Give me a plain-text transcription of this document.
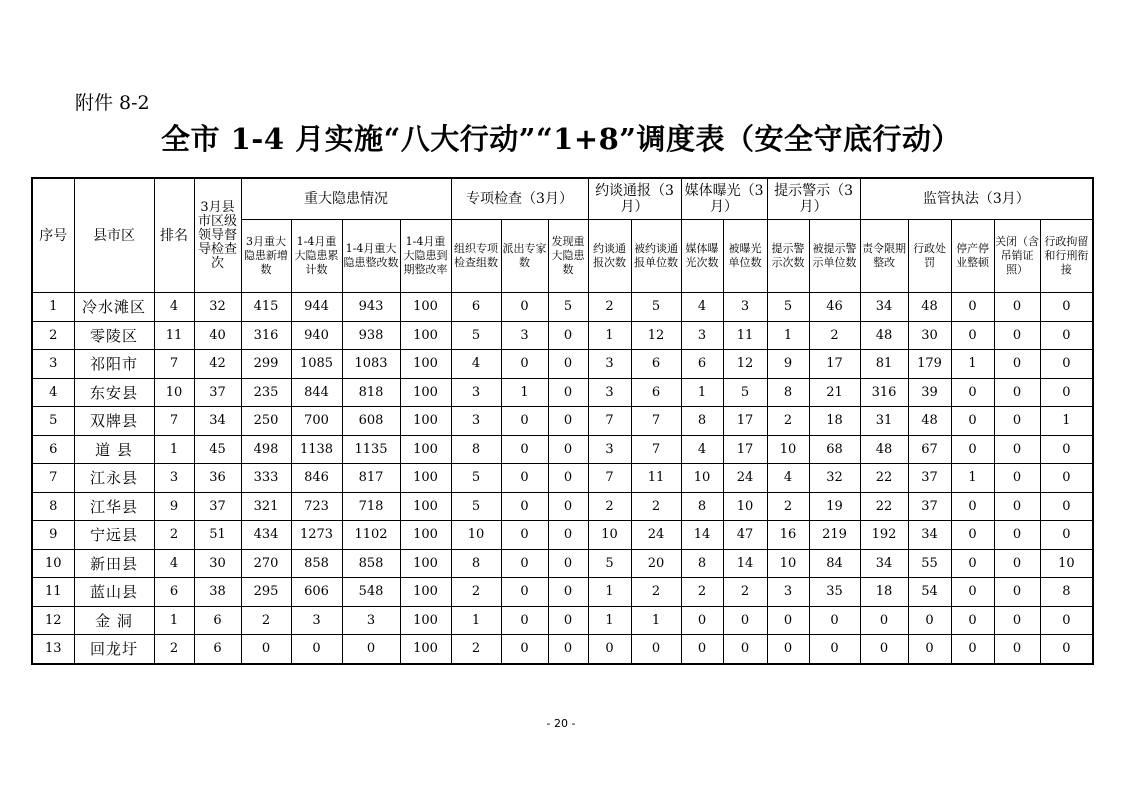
附件 8-2
全市 1-4 月实施“八大行动”“1+8”调度表（安全守底行动）
序号	县市区	排名	3月县市区级领导督导检查次	重大隐患情况				专项检查（3月）			约谈通报（3月）		媒体曝光（3月）		提示警示（3月）		监管执法（3月）				
				3月重大隐患新增数	1-4月重大隐患累计数	1-4月重大隐患整改数	1-4月重大隐患到期整改率	组织专项检查组数	派出专家数	发现重大隐患数	约谈通报次数	被约谈通报单位数	媒体曝光次数	被曝光单位数	提示警示次数	被提示警示单位数	责令限期整改	行政处罚	停产停业整顿	关闭（含吊销证照）	行政拘留和行刑衔接
1	冷水滩区	4	32	415	944	943	100	6	0	5	2	5	4	3	5	46	34	48	0	0	0
2	零陵区	11	40	316	940	938	100	5	3	0	1	12	3	11	1	2	48	30	0	0	0
3	祁阳市	7	42	299	1085	1083	100	4	0	0	3	6	6	12	9	17	81	179	1	0	0
4	东安县	10	37	235	844	818	100	3	1	0	3	6	1	5	8	21	316	39	0	0	0
5	双牌县	7	34	250	700	608	100	3	0	0	7	7	8	17	2	18	31	48	0	0	1
6	道 县	1	45	498	1138	1135	100	8	0	0	3	7	4	17	10	68	48	67	0	0	0
7	江永县	3	36	333	846	817	100	5	0	0	7	11	10	24	4	32	22	37	1	0	0
8	江华县	9	37	321	723	718	100	5	0	0	2	2	8	10	2	19	22	37	0	0	0
9	宁远县	2	51	434	1273	1102	100	10	0	0	10	24	14	47	16	219	192	34	0	0	0
10	新田县	4	30	270	858	858	100	8	0	0	5	20	8	14	10	84	34	55	0	0	10
11	蓝山县	6	38	295	606	548	100	2	0	0	1	2	2	2	3	35	18	54	0	0	8
12	金 洞	1	6	2	3	3	100	1	0	0	1	1	0	0	0	0	0	0	0	0	0
13	回龙圩	2	6	0	0	0	100	2	0	0	0	0	0	0	0	0	0	0	0	0	0
- 20 -
